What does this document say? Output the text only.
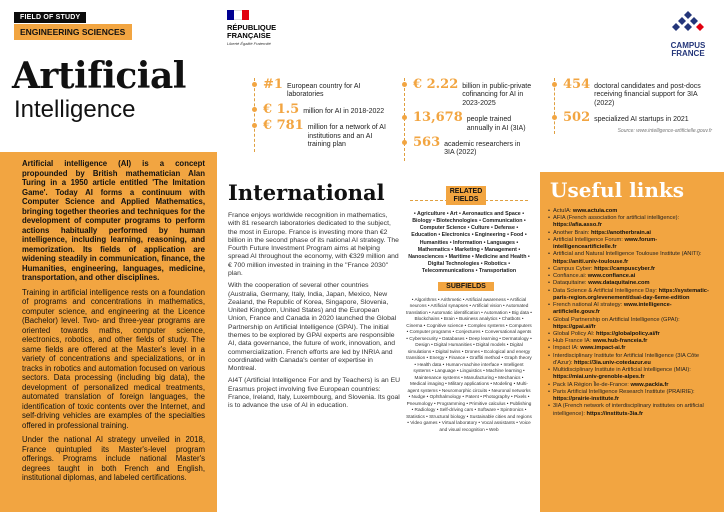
FIELD OF STUDY
ENGINEERING SCIENCES
Artificial
Intelligence
RÉPUBLIQUE FRANÇAISE
Liberté Égalité Fraternité	CAMPUS FRANCE
#1 European country for AI laboratories
€ 1.5 million for AI in 2018-2022
€ 781 million for a network of AI institutions and an AI training plan
€ 2.22 billion in public-private cofinancing for AI in 2023-2025
13,678 people trained annually in AI (3IA)
563 academic researchers in 3IA (2022)
454 doctoral candidates and post-docs receiving financial support for 3IA (2022)
502 specialized AI startups in 2021
Source: www.intelligence-artificielle.gouv.fr

Artificial intelligence (AI) is a concept propounded by British mathematician Alan Turing in a 1950 article entitled 'The Imitation Game'. Today AI forms a continuum with Computer Science and Applied Mathematics, bringing together theories and techniques for the development of computer programs to perform actions habitually performed by human intelligence, including learning, reasoning, and memorization. Its fields of application are widening steadily in communication, finance, the Humanities, engineering, languages, medicine, transportation, and other disciplines.

Training in artificial intelligence rests on a foundation of programs and concentrations in mathematics, computer science, and engineering at the Licence (Bachelor) level. Two- and three-year programs are oriented towards maths, computer science, electronics, robotics, and other fields of study. The same fields are offered at the Master's level in a variety of concentrations and specializations, or in tracks in robotics and automation focused on various sectors. Data processing (including big data), the development of personalized medical treatments, automated translation of foreign languages, the identification of toxic contents over the Internet, and self-driving vehicles are examples of the specialties offered in professional training.

Under the national AI strategy unveiled in 2018, France quintupled its Master's-level program offerings. Programs include national Master's degrees taught in both French and English, institutional diplomas, and labeled certifications.

International

France enjoys worldwide recognition in mathematics, with 81 research laboratories dedicated to the subject, the most in Europe. France is investing more than €2 billion in the second phase of its national AI strategy. The Fourth Future Investment Program aims at helping spread AI throughout the economy, with €329 million and € 700 million invested in training in the "France 2030" plan.

With the cooperation of several other countries (Australia, Germany, Italy, India, Japan, Mexico, New Zealand, the Republic of Korea, Singapore, Slovenia, United Kingdom, United States) and the European Union, France and Canada in 2020 launched the Global Partnership on Artificial Intelligence (GPAI). The initial themes to be explored by GPAI experts are responsible AI, data governance, the future of work, innovation, and commercialization. French efforts are led by INRIA and coordinated with Canada's center of expertise in Montreal.

AI4T (Artificial Intelligence For and by Teachers) is an EU Erasmus project involving five European countries: France, Ireland, Italy, Luxembourg, and Slovenia. Its goal is to advance the use of AI in education.

RELATED FIELDS
• Agriculture • Art • Aeronautics and Space • Biology • Biotechnologies • Communication • Computer Science • Culture • Defense • Education • Electronics • Engineering • Food • Humanities • Information • Languages • Mathematics • Marketing • Management • Nanosciences • Maritime • Medicine and Health • Digital Technologies • Robotics • Telecommunications • Transportation
SUBFIELDS
• Algorithms • Arithmetic • Artificial awareness • Artificial neurons • Artificial synapses • Artificial vision • Automated translation • Automatic identification • Automation • Big data • Blockchains • Brain • Business analytics • Chatbots • Cinema • Cognitive science • Complex systems • Computers • Computer programs • Conjectures • Conversational agents • Cybersecurity • Databases • Deep learning • Dermatology • Design • Digital Humanities • Digital models • Digital simulations • Digital twins • Drones • Ecological and energy transition • Energy • Finance • Graffiti method • Graph theory • Health data • Human-machine interface • Intelligent systems • Language • Linguistics • Machine learning • Maintenance systems • Manufacturing • Mechanics • Medical imaging • Military applications • Modeling • Multi-agent systems • Neuromorphic circuits • Neuronal networks • Nudge • Ophthalmology • Patent • Photography • Pixels • Pneumology • Programming • Primitive calculus • Publishing • Radiology • Self-driving cars • Software • Spintronics • Statistics • Structural biology • Sustainable cities and regions • Video games • Virtual laboratory • Vocal assistants • Voice and visual recognition • Web
Useful links
• ActuIA: www.actuia.com
• AFIA (French association for artificial intelligence): https://afia.asso.fr
• Another Brain: https://anotherbrain.ai
• Artificial Intelligence Forum: www.forum-intelligenceartificielle.fr
• Artificial and Natural Intelligence Toulouse Institute (ANITI): https://aniti.univ-toulouse.fr
• Campus Cyber: https://campuscyber.fr
• Confiance.ai: www.confiance.ai
• Dataquitaine: www.dataquitaine.com
• Data Science & Artificial Intelligence Day: https://systematic-paris-region.org/evenement/dsai-day-6eme-edition
• French national AI strategy: www.intelligence-artificielle.gouv.fr
• Global Partnership on Artificial Intelligence (GPAI): https://gpai.ai/fr
• Global Policy AI: https://globalpolicy.ai/fr
• Hub France IA: www.hub-franceia.fr
• Impact IA: www.impact-ai.fr
• Interdisciplinary Institute for Artificial Intelligence (3IA Côte d'Azur): https://3ia.univ-cotedazur.eu
• Multidisciplinary Institute in Artificial Intelligence (MIAI): https://miai.univ-grenoble-alpes.fr
• Pack IA Région Île-de-France: www.packia.fr
• Paris Artificial Intelligence Research Institute (PRAIRIE): https://prairie-institute.fr
• 3IA (French network of interdisciplinary institutes on artificial intelligence): https://instituts-3ia.fr
